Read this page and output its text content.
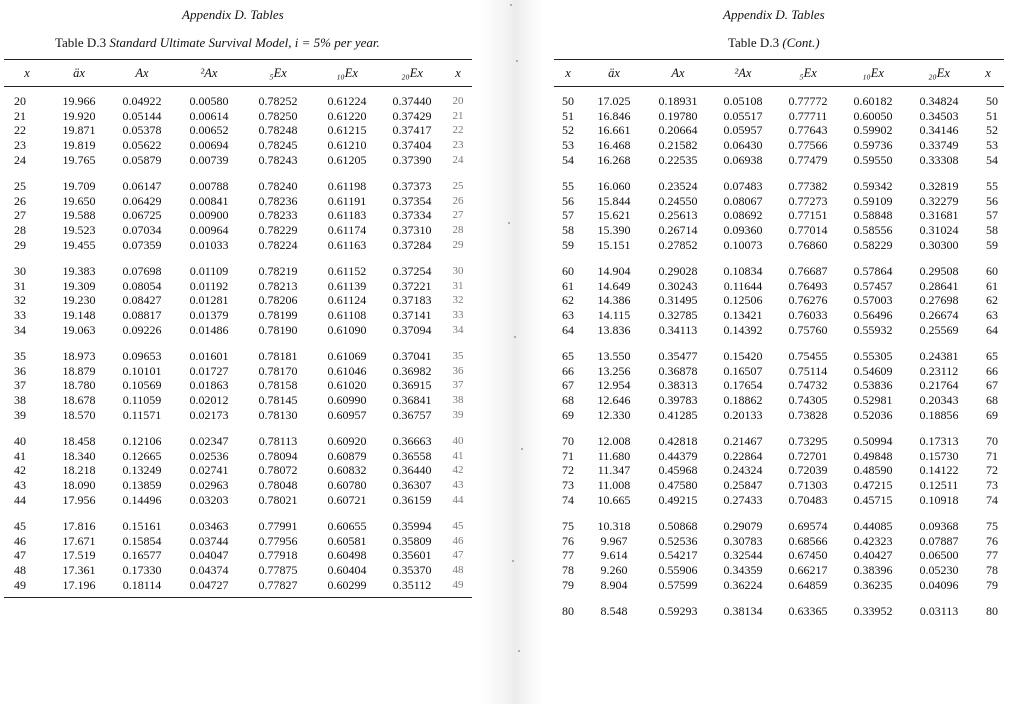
Appendix D. Tables
Table D.3 Standard Ultimate Survival Model, i = 5% per year.
x	äx	Ax	²Ax	₅Ex	₁₀Ex	₂₀Ex	x
20	19.966	0.04922	0.00580	0.78252	0.61224	0.37440	20
21	19.920	0.05144	0.00614	0.78250	0.61220	0.37429	21
22	19.871	0.05378	0.00652	0.78248	0.61215	0.37417	22
23	19.819	0.05622	0.00694	0.78245	0.61210	0.37404	23
24	19.765	0.05879	0.00739	0.78243	0.61205	0.37390	24
25	19.709	0.06147	0.00788	0.78240	0.61198	0.37373	25
26	19.650	0.06429	0.00841	0.78236	0.61191	0.37354	26
27	19.588	0.06725	0.00900	0.78233	0.61183	0.37334	27
28	19.523	0.07034	0.00964	0.78229	0.61174	0.37310	28
29	19.455	0.07359	0.01033	0.78224	0.61163	0.37284	29
30	19.383	0.07698	0.01109	0.78219	0.61152	0.37254	30
31	19.309	0.08054	0.01192	0.78213	0.61139	0.37221	31
32	19.230	0.08427	0.01281	0.78206	0.61124	0.37183	32
33	19.148	0.08817	0.01379	0.78199	0.61108	0.37141	33
34	19.063	0.09226	0.01486	0.78190	0.61090	0.37094	34
35	18.973	0.09653	0.01601	0.78181	0.61069	0.37041	35
36	18.879	0.10101	0.01727	0.78170	0.61046	0.36982	36
37	18.780	0.10569	0.01863	0.78158	0.61020	0.36915	37
38	18.678	0.11059	0.02012	0.78145	0.60990	0.36841	38
39	18.570	0.11571	0.02173	0.78130	0.60957	0.36757	39
40	18.458	0.12106	0.02347	0.78113	0.60920	0.36663	40
41	18.340	0.12665	0.02536	0.78094	0.60879	0.36558	41
42	18.218	0.13249	0.02741	0.78072	0.60832	0.36440	42
43	18.090	0.13859	0.02963	0.78048	0.60780	0.36307	43
44	17.956	0.14496	0.03203	0.78021	0.60721	0.36159	44
45	17.816	0.15161	0.03463	0.77991	0.60655	0.35994	45
46	17.671	0.15854	0.03744	0.77956	0.60581	0.35809	46
47	17.519	0.16577	0.04047	0.77918	0.60498	0.35601	47
48	17.361	0.17330	0.04374	0.77875	0.60404	0.35370	48
49	17.196	0.18114	0.04727	0.77827	0.60299	0.35112	49
Appendix D. Tables
Table D.3 (Cont.)
x	äx	Ax	²Ax	₅Ex	₁₀Ex	₂₀Ex	x
50	17.025	0.18931	0.05108	0.77772	0.60182	0.34824	50
51	16.846	0.19780	0.05517	0.77711	0.60050	0.34503	51
52	16.661	0.20664	0.05957	0.77643	0.59902	0.34146	52
53	16.468	0.21582	0.06430	0.77566	0.59736	0.33749	53
54	16.268	0.22535	0.06938	0.77479	0.59550	0.33308	54
55	16.060	0.23524	0.07483	0.77382	0.59342	0.32819	55
56	15.844	0.24550	0.08067	0.77273	0.59109	0.32279	56
57	15.621	0.25613	0.08692	0.77151	0.58848	0.31681	57
58	15.390	0.26714	0.09360	0.77014	0.58556	0.31024	58
59	15.151	0.27852	0.10073	0.76860	0.58229	0.30300	59
60	14.904	0.29028	0.10834	0.76687	0.57864	0.29508	60
61	14.649	0.30243	0.11644	0.76493	0.57457	0.28641	61
62	14.386	0.31495	0.12506	0.76276	0.57003	0.27698	62
63	14.115	0.32785	0.13421	0.76033	0.56496	0.26674	63
64	13.836	0.34113	0.14392	0.75760	0.55932	0.25569	64
65	13.550	0.35477	0.15420	0.75455	0.55305	0.24381	65
66	13.256	0.36878	0.16507	0.75114	0.54609	0.23112	66
67	12.954	0.38313	0.17654	0.74732	0.53836	0.21764	67
68	12.646	0.39783	0.18862	0.74305	0.52981	0.20343	68
69	12.330	0.41285	0.20133	0.73828	0.52036	0.18856	69
70	12.008	0.42818	0.21467	0.73295	0.50994	0.17313	70
71	11.680	0.44379	0.22864	0.72701	0.49848	0.15730	71
72	11.347	0.45968	0.24324	0.72039	0.48590	0.14122	72
73	11.008	0.47580	0.25847	0.71303	0.47215	0.12511	73
74	10.665	0.49215	0.27433	0.70483	0.45715	0.10918	74
75	10.318	0.50868	0.29079	0.69574	0.44085	0.09368	75
76	9.967	0.52536	0.30783	0.68566	0.42323	0.07887	76
77	9.614	0.54217	0.32544	0.67450	0.40427	0.06500	77
78	9.260	0.55906	0.34359	0.66217	0.38396	0.05230	78
79	8.904	0.57599	0.36224	0.64859	0.36235	0.04096	79
80	8.548	0.59293	0.38134	0.63365	0.33952	0.03113	80
